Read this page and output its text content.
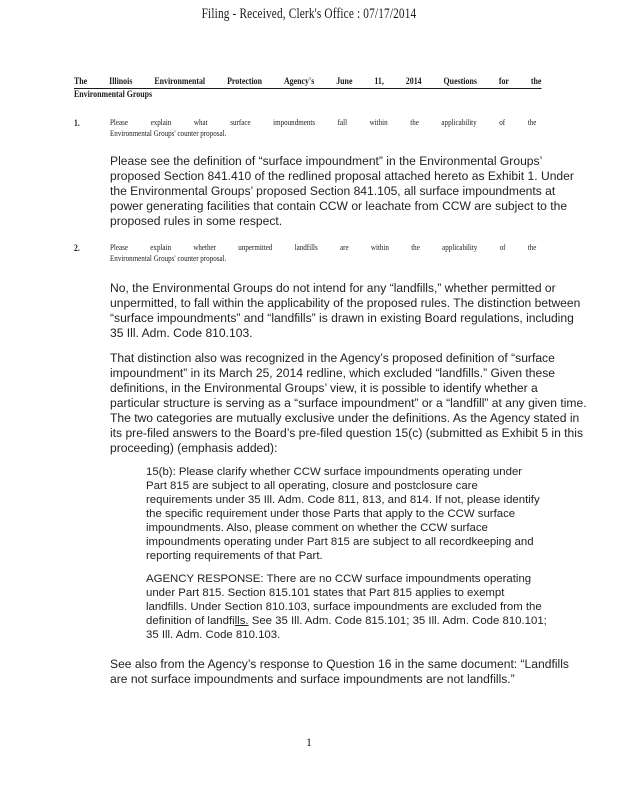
Filing - Received, Clerk's Office : 07/17/2014
The Illinois Environmental Protection Agency's June 11, 2014 Questions for the
Environmental Groups
1.	Please	explain	what	surface	impoundments	fall	within	the	applicability	of	the
Environmental Groups' counter proposal.
Please see the definition of “surface impoundment” in the Environmental Groups’ proposed Section 841.410 of the redlined proposal attached hereto as Exhibit 1. Under the Environmental Groups’ proposed Section 841.105, all surface impoundments at power generating facilities that contain CCW or leachate from CCW are subject to the proposed rules in some respect.
2.	Please	explain	whether	unpermitted	landfills	are	within	the	applicability	of	the
Environmental Groups' counter proposal.
No, the Environmental Groups do not intend for any “landfills,” whether permitted or unpermitted, to fall within the applicability of the proposed rules. The distinction between “surface impoundments” and “landfills” is drawn in existing Board regulations, including 35 Ill. Adm. Code 810.103.
That distinction also was recognized in the Agency’s proposed definition of “surface impoundment” in its March 25, 2014 redline, which excluded “landfills.” Given these definitions, in the Environmental Groups’ view, it is possible to identify whether a particular structure is serving as a “surface impoundment” or a “landfill” at any given time. The two categories are mutually exclusive under the definitions. As the Agency stated in its pre-filed answers to the Board’s pre-filed question 15(c) (submitted as Exhibit 5 in this proceeding) (emphasis added):
15(b): Please clarify whether CCW surface impoundments operating under Part 815 are subject to all operating, closure and postclosure care requirements under 35 Ill. Adm. Code 811, 813, and 814. If not, please identify the specific requirement under those Parts that apply to the CCW surface impoundments. Also, please comment on whether the CCW surface impoundments operating under Part 815 are subject to all recordkeeping and reporting requirements of that Part.
AGENCY RESPONSE: There are no CCW surface impoundments operating under Part 815. Section 815.101 states that Part 815 applies to exempt landfills. Under Section 810.103, surface impoundments are excluded from the definition of landfills. See 35 Ill. Adm. Code 815.101; 35 Ill. Adm. Code 810.101; 35 Ill. Adm. Code 810.103.
See also from the Agency’s response to Question 16 in the same document: “Landfills are not surface impoundments and surface impoundments are not landfills.”
1
